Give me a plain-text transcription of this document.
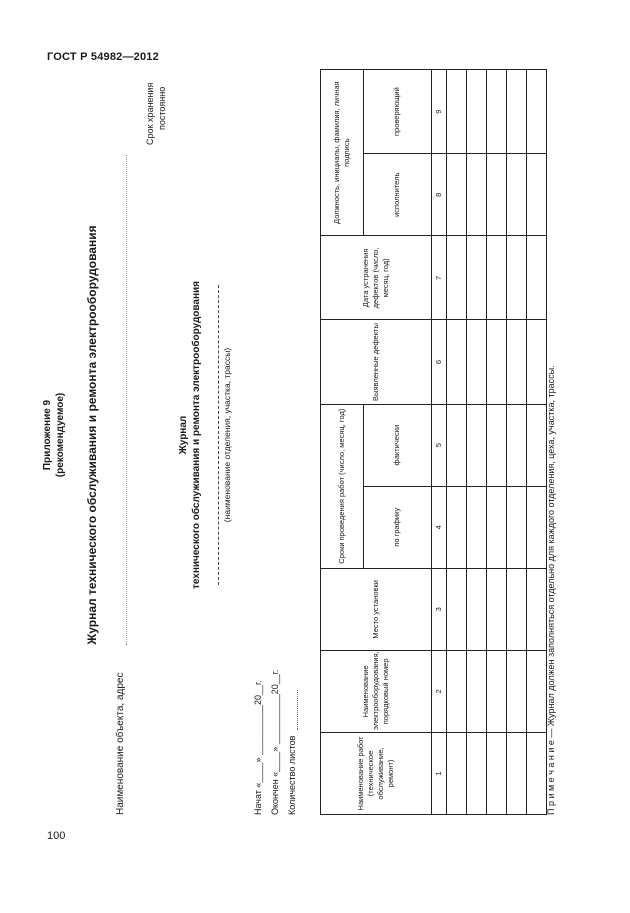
ГОСТ Р 54982—2012
100
Приложение 9 (рекомендуемое) Журнал технического обслуживания и ремонта электрооборудования
Наименование объекта, адрес
Срок хранения постоянно
Журнал технического обслуживания и ремонта электрооборудования (наименование отделения, участка, трассы)
Начат «____» __________20__г. Окончен «____» __________20__г. Количество листов	Наименование работ (техническое обслуживание, ремонт)	Наименование электрооборудования, порядковый номер	Место установки	Сроки проведения работ (число, месяц, год)		Выявленные дефекты	Дата устранения дефектов (число, месяц, год)	Должность, инициалы, фамилия, личная подпись	
			по графику	фактически			исполнитель	проверяющий
1	2	3	4	5	6	7	8	9

П р и м е ч а н и е — Журнал должен заполняться отдельно для каждого отделения, цеха, участка, трассы.
